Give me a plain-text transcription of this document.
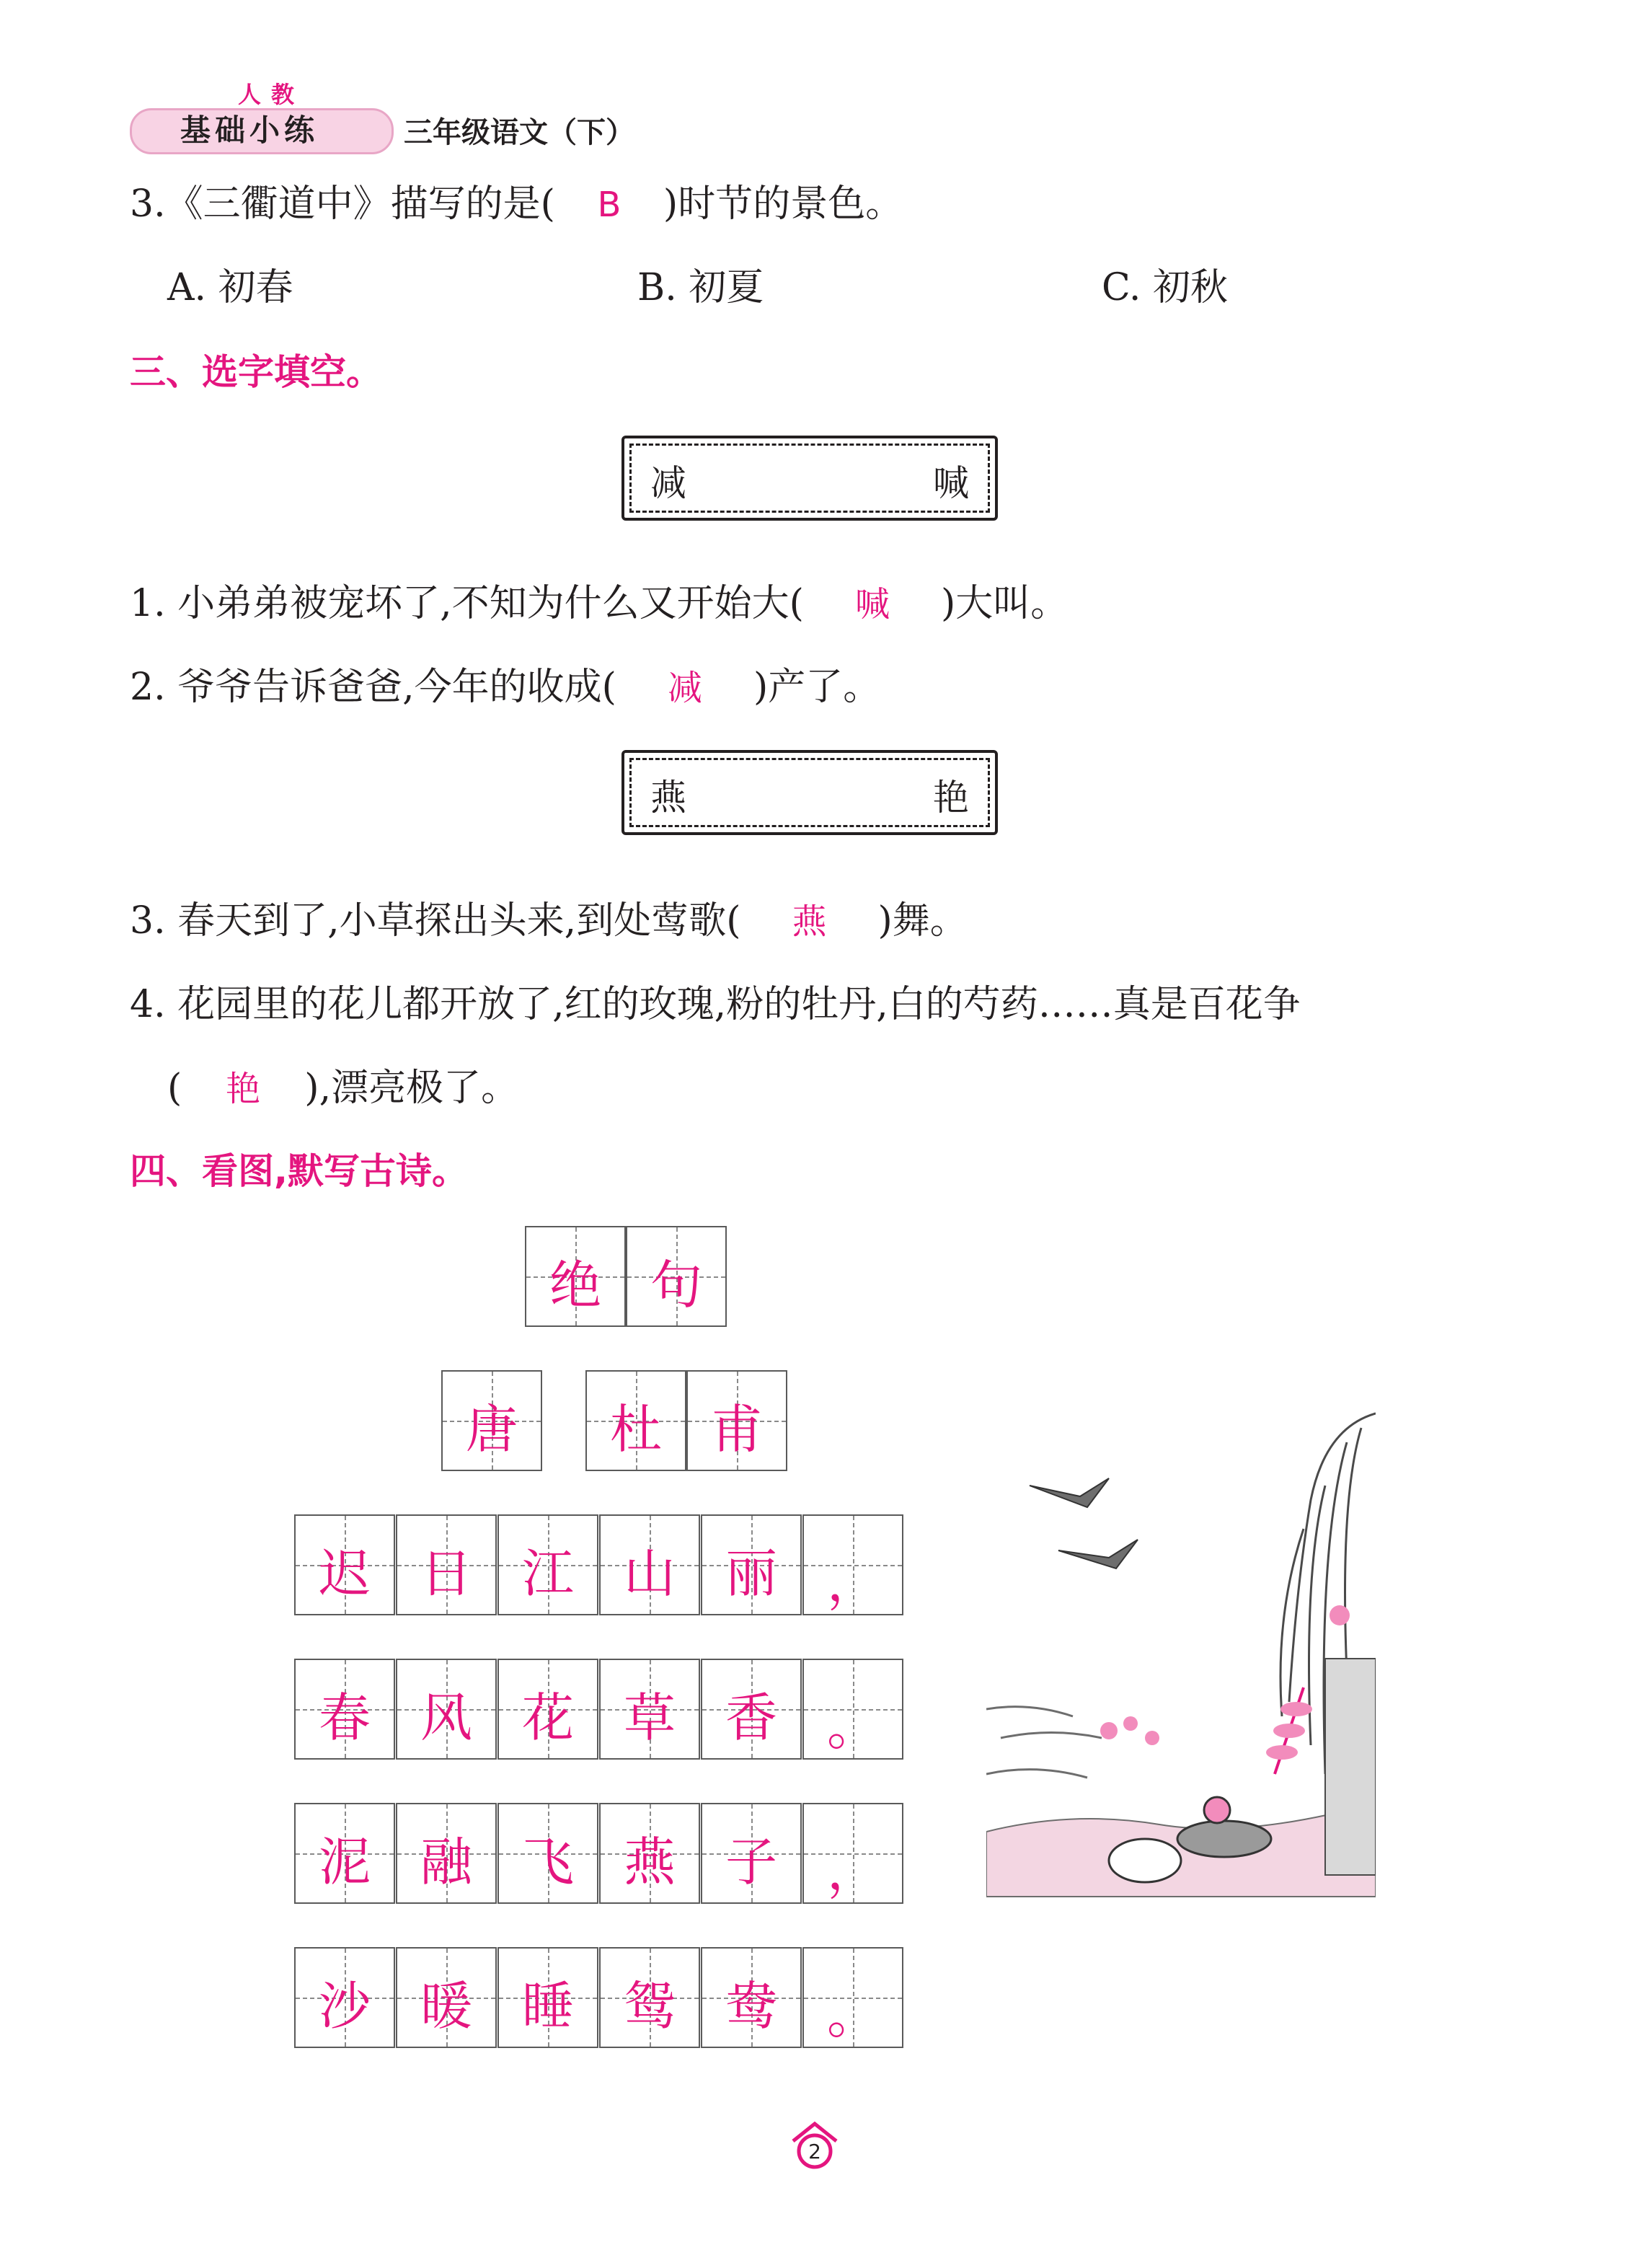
人教
基础小练	三年级语文（下）
3.《三衢道中》描写的是( B )时节的景色。
A. 初春	B. 初夏	C. 初秋
三、选字填空。
减	喊
1. 小弟弟被宠坏了,不知为什么又开始大( 喊 )大叫。
2. 爷爷告诉爸爸,今年的收成( 减 )产了。
燕	艳
3. 春天到了,小草探出头来,到处莺歌( 燕 )舞。
4. 花园里的花儿都开放了,红的玫瑰,粉的牡丹,白的芍药……真是百花争
( 艳 ),漂亮极了。
四、看图,默写古诗。
绝 句
唐	杜 甫
迟 日 江 山 丽 ，
春 风 花 草 香 。
泥 融 飞 燕 子 ，
沙 暖 睡 鸳 鸯 。
2
